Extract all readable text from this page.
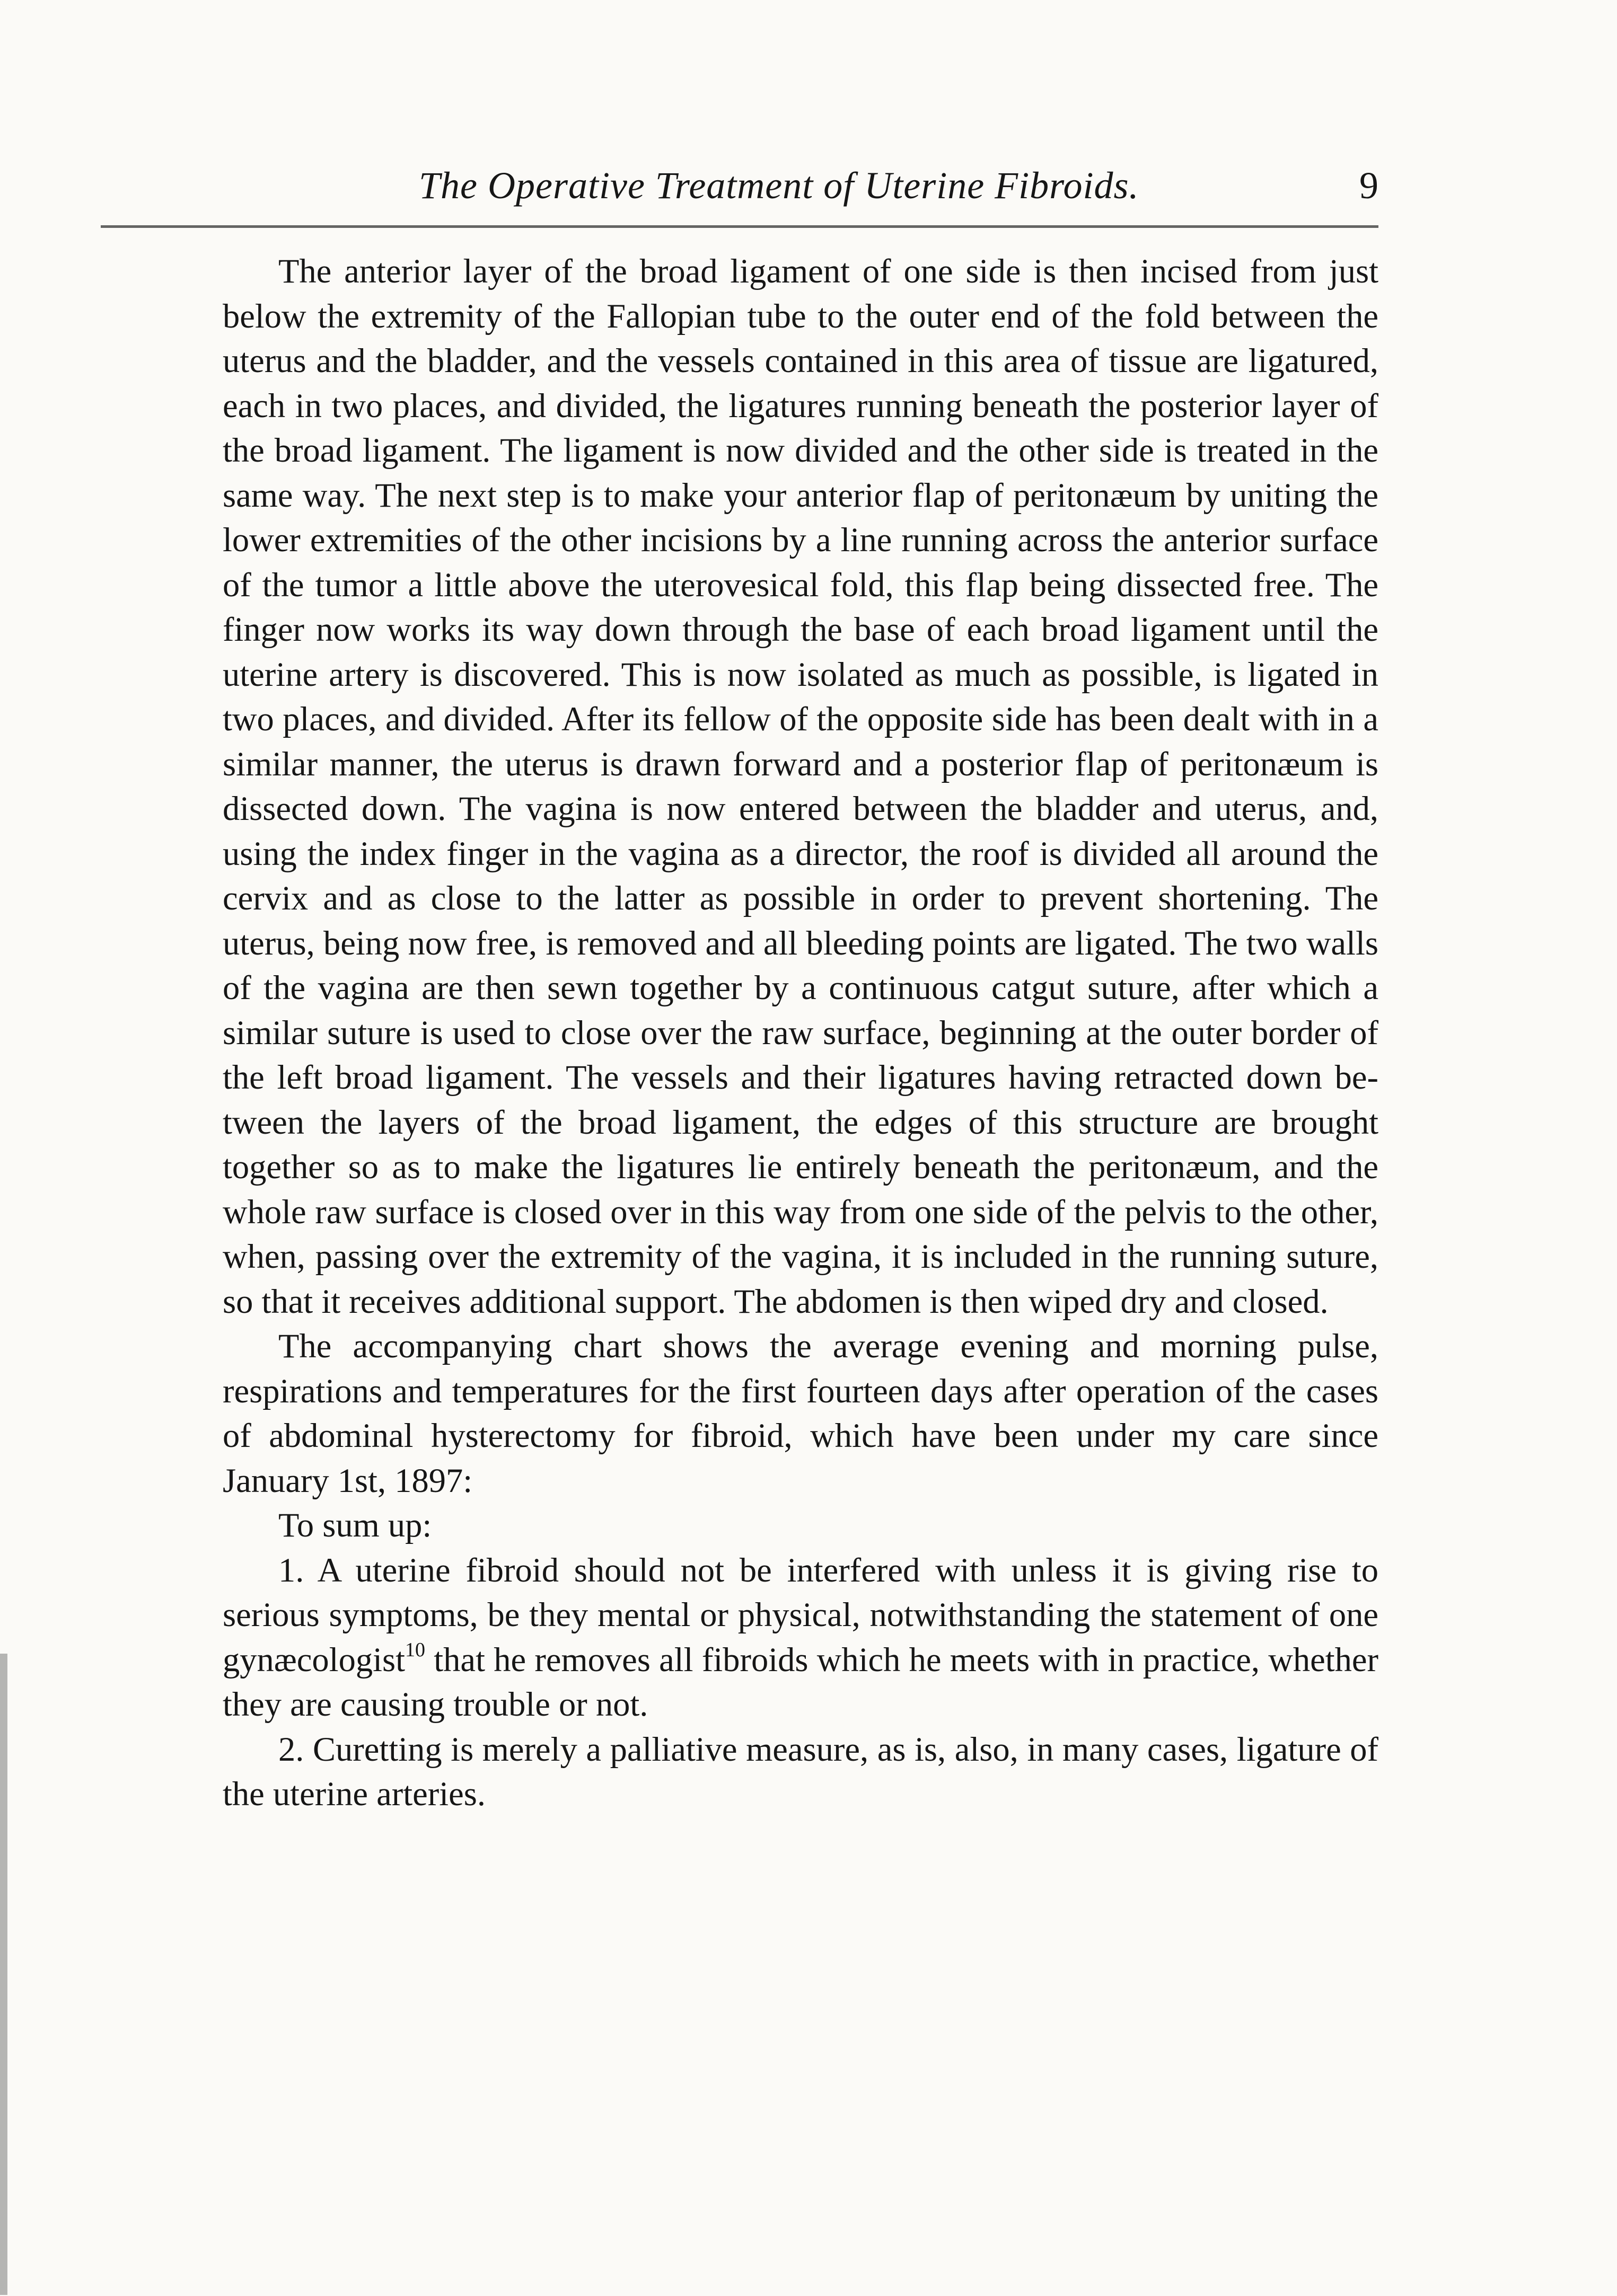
The Operative Treatment of Uterine Fibroids.	9

The anterior layer of the broad ligament of one side is then incised from just below the extremity of the Fallopian tube to the outer end of the fold between the uterus and the bladder, and the vessels contained in this area of tissue are ligatured, each in two places, and divided, the ligatures running beneath the posterior layer of the broad ligament. The ligament is now divided and the other side is treated in the same way. The next step is to make your anterior flap of peritonæum by uniting the lower extremities of the other incisions by a line running across the anterior surface of the tumor a little above the uterovesical fold, this flap being dissected free. The finger now works its way down through the base of each broad ligament until the uterine artery is discovered. This is now isolated as much as possible, is ligated in two places, and divided. After its fellow of the opposite side has been dealt with in a similar manner, the uterus is drawn forward and a posterior flap of peritonæum is dissected down. The vagina is now entered between the bladder and uterus, and, using the index finger in the vagina as a director, the roof is divided all around the cervix and as close to the latter as possible in order to prevent shortening. The uterus, being now free, is removed and all bleeding points are ligated. The two walls of the vagina are then sewn together by a continuous catgut suture, after which a similar suture is used to close over the raw surface, beginning at the outer border of the left broad ligament. The vessels and their ligatures having retracted down between the layers of the broad ligament, the edges of this structure are brought together so as to make the ligatures lie entirely beneath the peritonæum, and the whole raw surface is closed over in this way from one side of the pelvis to the other, when, passing over the extremity of the vagina, it is included in the running suture, so that it receives additional support. The abdomen is then wiped dry and closed.

The accompanying chart shows the average evening and morning pulse, respirations and temperatures for the first fourteen days after operation of the cases of abdominal hysterectomy for fibroid, which have been under my care since January 1st, 1897:

To sum up:

1. A uterine fibroid should not be interfered with unless it is giving rise to serious symptoms, be they mental or physical, notwithstanding the statement of one gynæcologist$^{10}$ that he removes all fibroids which he meets with in practice, whether they are causing trouble or not.

2. Curetting is merely a palliative measure, as is, also, in many cases, ligature of the uterine arteries.
